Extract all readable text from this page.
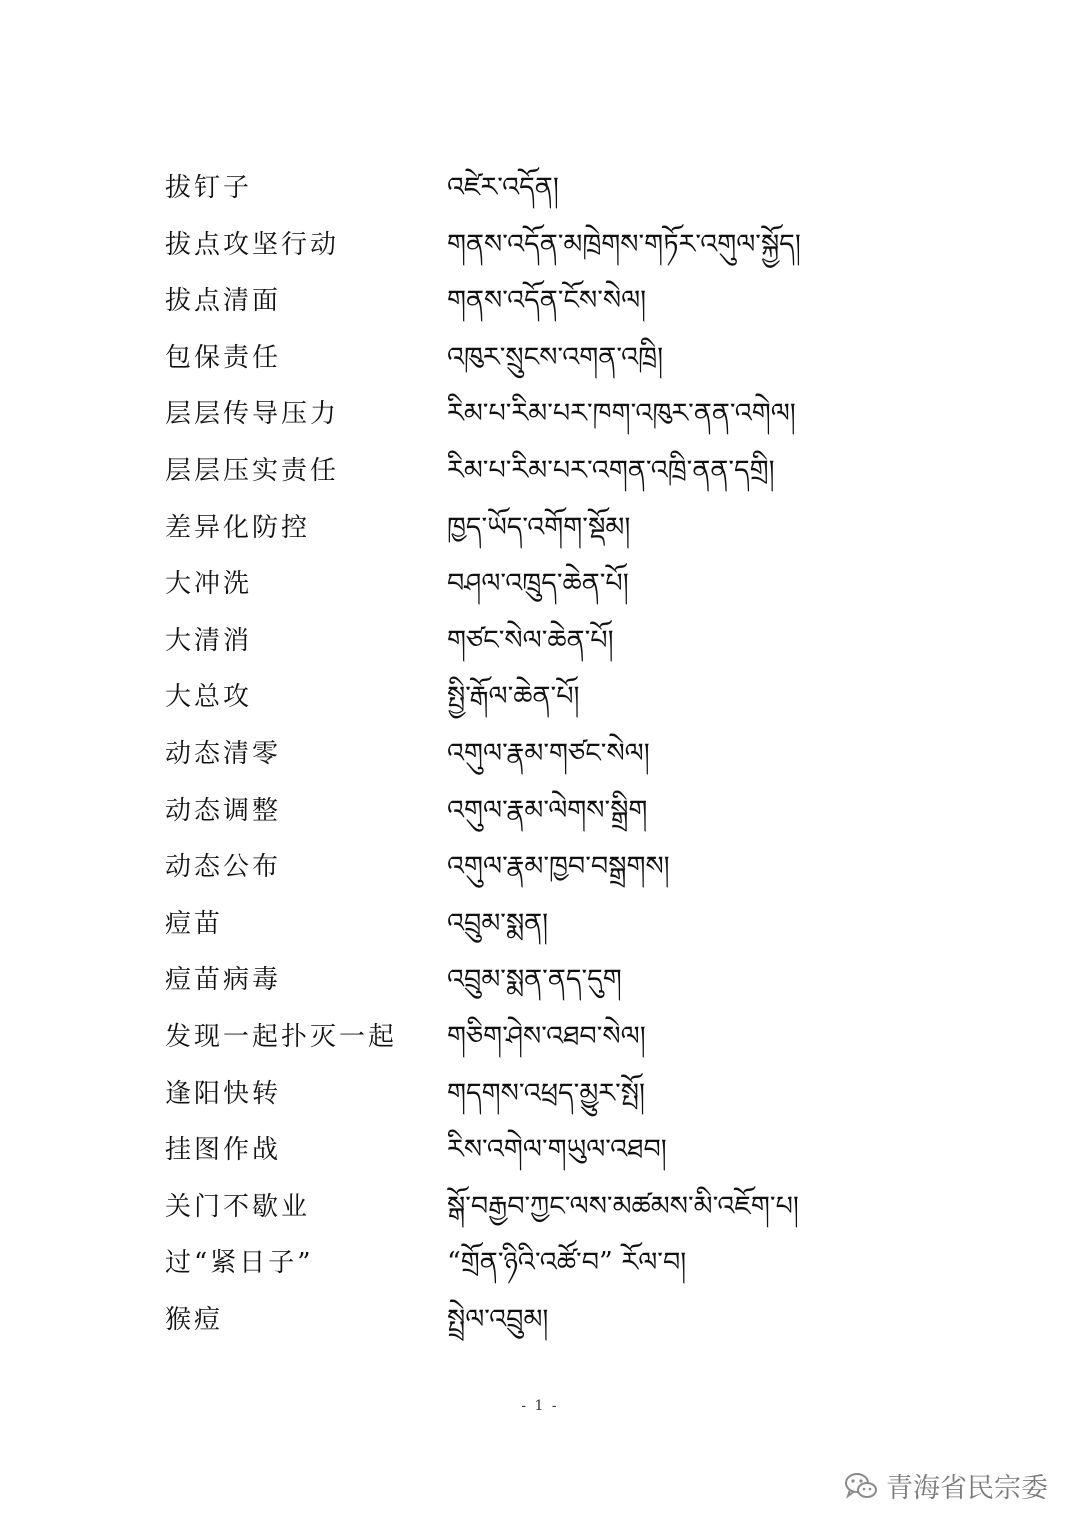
拔钉子	འཛེར་འདོན།
拔点攻坚行动	གནས་འདོན་མཁྲེགས་གཏོར་འགུལ་སྐྱོད།
拔点清面	གནས་འདོན་ངོས་སེལ།
包保责任	འཁུར་སྲུངས་འགན་འཁྲི།
层层传导压力	རིམ་པ་རིམ་པར་ཁག་འཁུར་ནན་འགེལ།
层层压实责任	རིམ་པ་རིམ་པར་འགན་འཁྲི་ནན་དགྲི།
差异化防控	ཁྱད་ཡོད་འགོག་སྡོམ།
大冲洗	བཤལ་འཁྲུད་ཆེན་པོ།
大清消	གཙང་སེལ་ཆེན་པོ།
大总攻	སྤྱི་རྒོལ་ཆེན་པོ།
动态清零	འགུལ་རྣམ་གཙང་སེལ།
动态调整	འགུལ་རྣམ་ལེགས་སྒྲིག
动态公布	འགུལ་རྣམ་ཁྱབ་བསྒྲགས།
痘苗	འབྲུམ་སྨན།
痘苗病毒	འབྲུམ་སྨན་ནད་དུག
发现一起扑灭一起 གཅིག་ཤེས་འཐབ་སེལ།
逢阳快转	གདགས་འཕྲད་མྱུར་སྤོ།
挂图作战	རིས་འགེལ་གཡུལ་འཐབ།
关门不歇业	སྒོ་བརྒྱབ་ཀྱང་ལས་མཚམས་མི་འཇོག་པ།
过“紧日子”	“གྲོན་ཉིའི་འཚོ་བ” རོལ་བ།
猴痘	སྤྲེལ་འབྲུམ།
- 1 -
青海省民宗委
